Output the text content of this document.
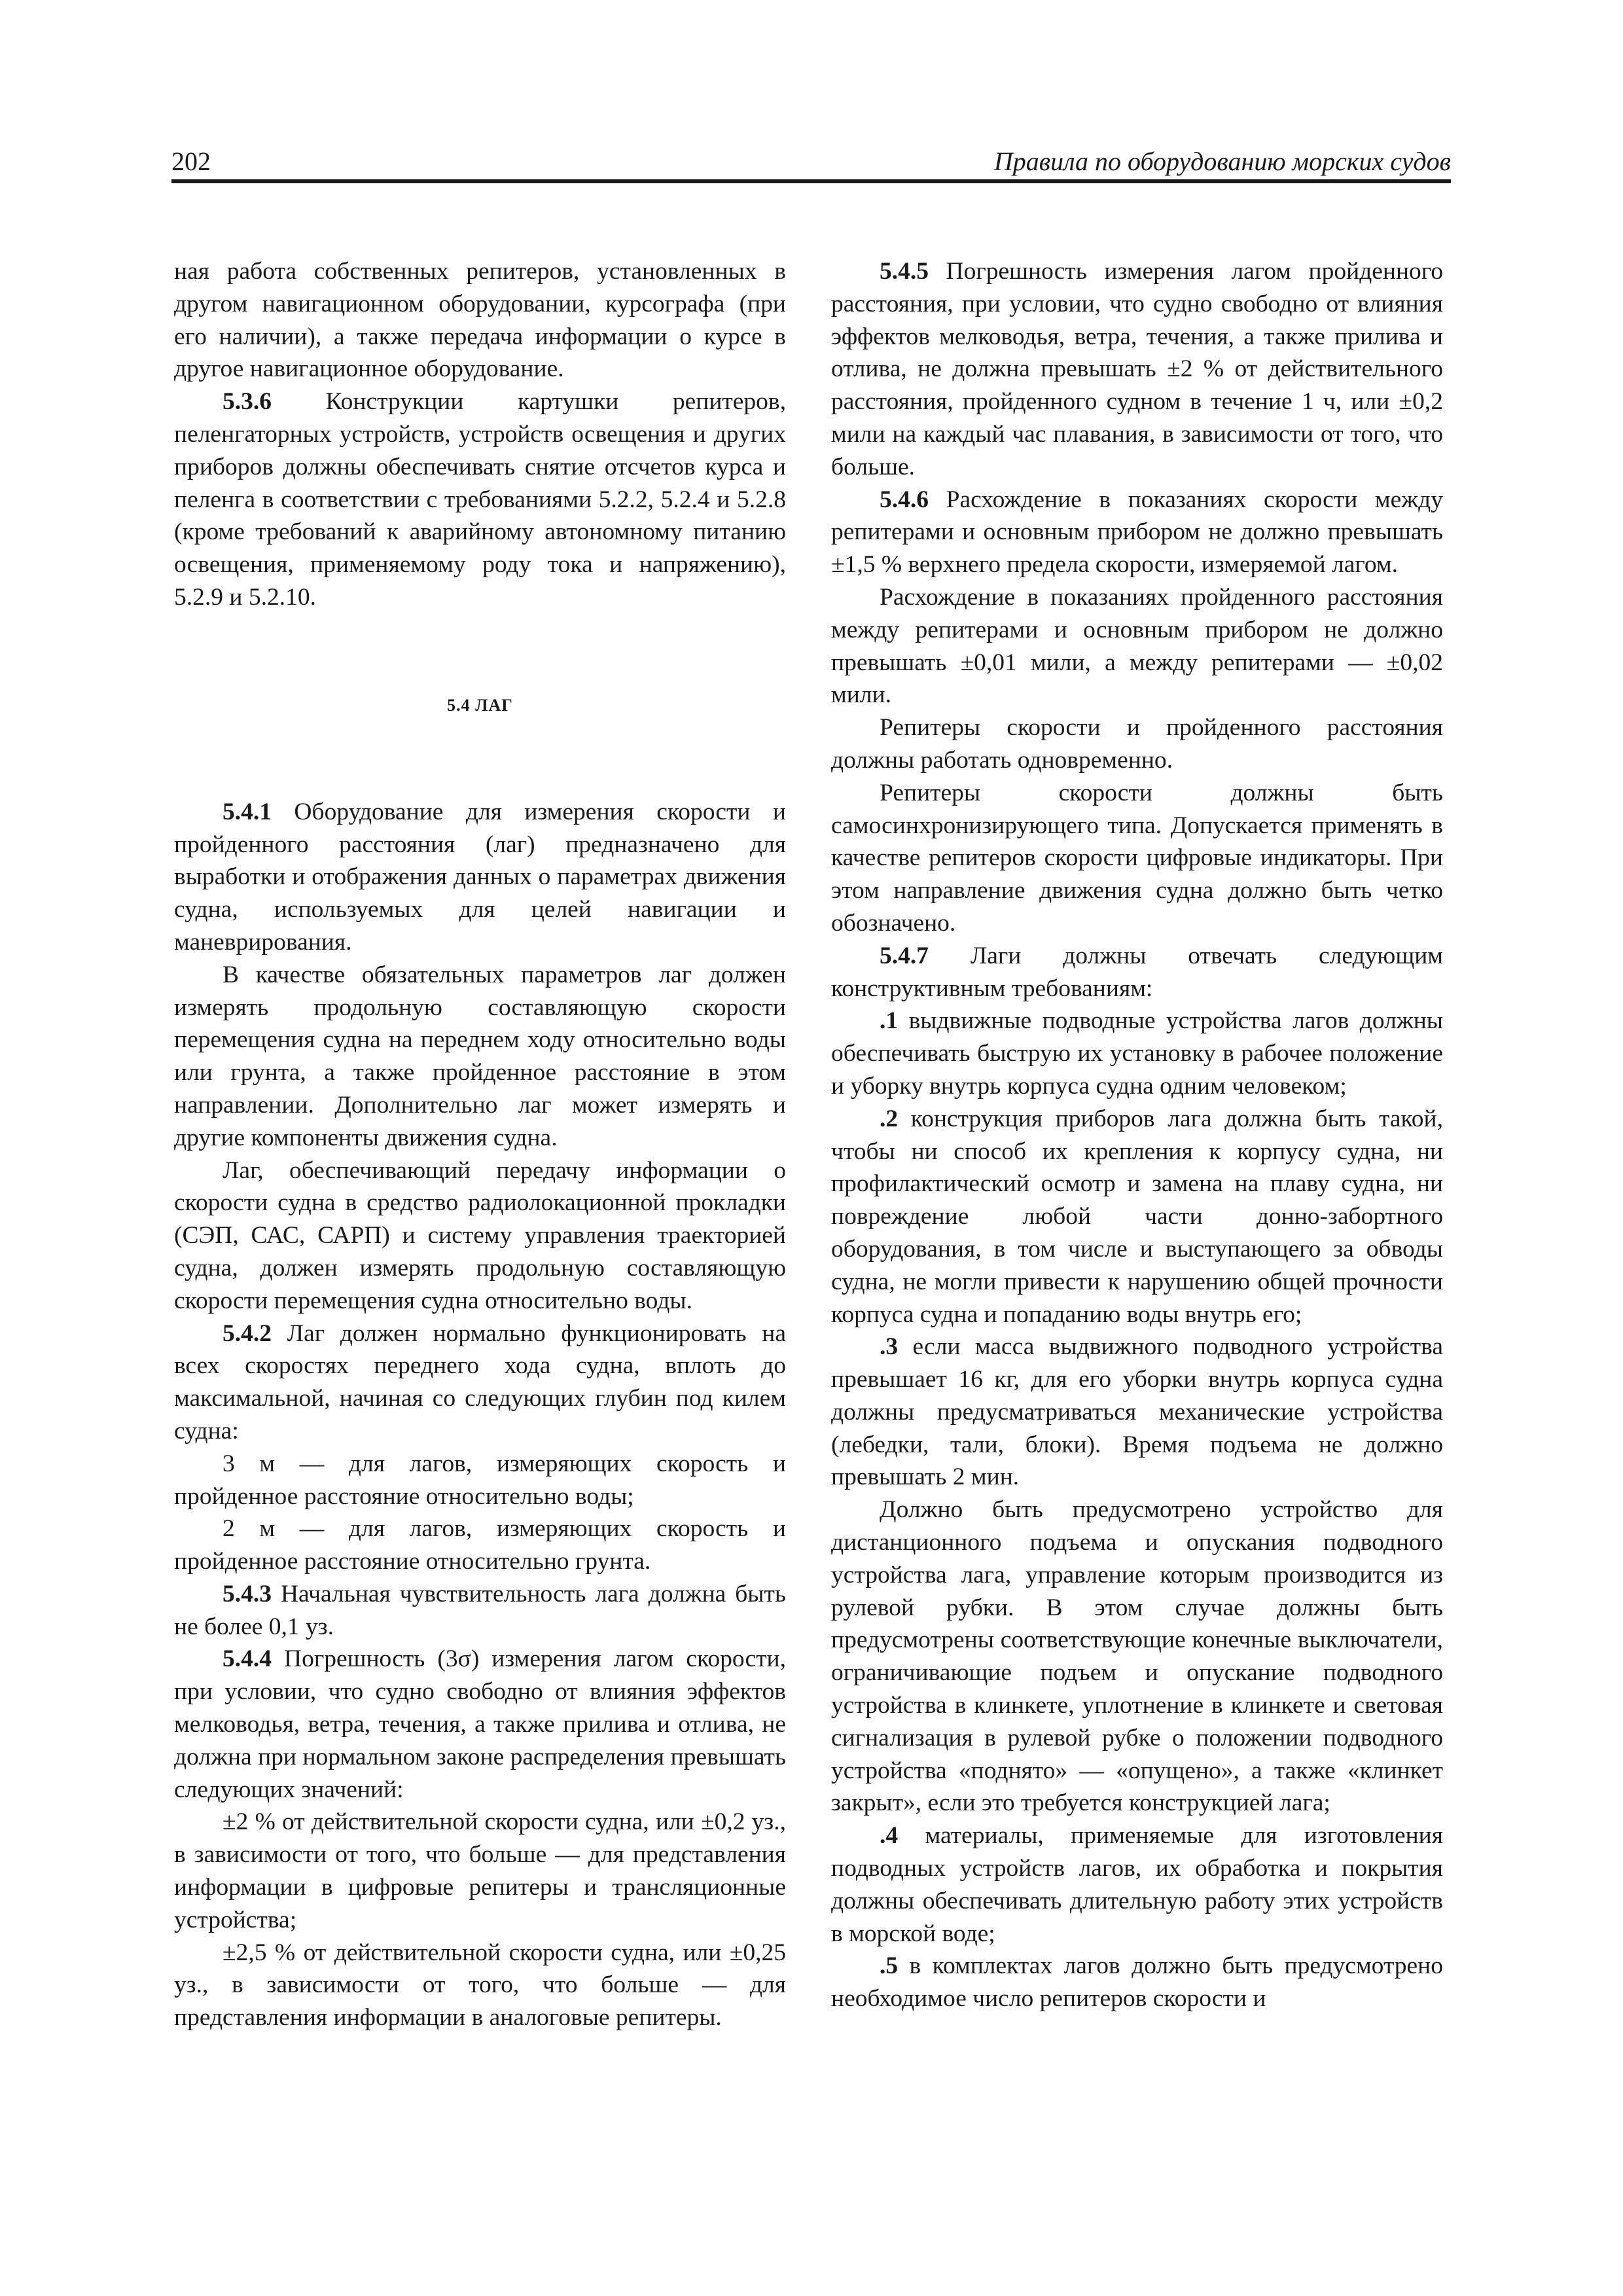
202	Правила по оборудованию морских судов

ная работа собственных репитеров, установленных в другом навигационном оборудовании, курсографа (при его наличии), а также передача информации о курсе в другое навигационное оборудование.

5.3.6 Конструкции картушки репитеров, пеленгаторных устройств, устройств освещения и других приборов должны обеспечивать снятие отсчетов курса и пеленга в соответствии с требованиями 5.2.2, 5.2.4 и 5.2.8 (кроме требований к аварийному автономному питанию освещения, применяемому роду тока и напряжению), 5.2.9 и 5.2.10.

5.4 ЛАГ

5.4.1 Оборудование для измерения скорости и пройденного расстояния (лаг) предназначено для выработки и отображения данных о параметрах движения судна, используемых для целей навигации и маневрирования.

В качестве обязательных параметров лаг должен измерять продольную составляющую скорости перемещения судна на переднем ходу относительно воды или грунта, а также пройденное расстояние в этом направлении. Дополнительно лаг может измерять и другие компоненты движения судна.

Лаг, обеспечивающий передачу информации о скорости судна в средство радиолокационной прокладки (СЭП, САС, САРП) и систему управления траекторией судна, должен измерять продольную составляющую скорости перемещения судна относительно воды.

5.4.2 Лаг должен нормально функционировать на всех скоростях переднего хода судна, вплоть до максимальной, начиная со следующих глубин под килем судна:

3 м — для лагов, измеряющих скорость и пройденное расстояние относительно воды;

2 м — для лагов, измеряющих скорость и пройденное расстояние относительно грунта.

5.4.3 Начальная чувствительность лага должна быть не более 0,1 уз.

5.4.4 Погрешность (3σ) измерения лагом скорости, при условии, что судно свободно от влияния эффектов мелководья, ветра, течения, а также прилива и отлива, не должна при нормальном законе распределения превышать следующих значений:

±2 % от действительной скорости судна, или ±0,2 уз., в зависимости от того, что больше — для представления информации в цифровые репитеры и трансляционные устройства;

±2,5 % от действительной скорости судна, или ±0,25 уз., в зависимости от того, что больше — для представления информации в аналоговые репитеры.

5.4.5 Погрешность измерения лагом пройденного расстояния, при условии, что судно свободно от влияния эффектов мелководья, ветра, течения, а также прилива и отлива, не должна превышать ±2 % от действительного расстояния, пройденного судном в течение 1 ч, или ±0,2 мили на каждый час плавания, в зависимости от того, что больше.

5.4.6 Расхождение в показаниях скорости между репитерами и основным прибором не должно превышать ±1,5 % верхнего предела скорости, измеряемой лагом.

Расхождение в показаниях пройденного расстояния между репитерами и основным прибором не должно превышать ±0,01 мили, а между репитерами — ±0,02 мили.

Репитеры скорости и пройденного расстояния должны работать одновременно.

Репитеры скорости должны быть самосинхронизирующего типа. Допускается применять в качестве репитеров скорости цифровые индикаторы. При этом направление движения судна должно быть четко обозначено.

5.4.7 Лаги должны отвечать следующим конструктивным требованиям:

.1 выдвижные подводные устройства лагов должны обеспечивать быструю их установку в рабочее положение и уборку внутрь корпуса судна одним человеком;

.2 конструкция приборов лага должна быть такой, чтобы ни способ их крепления к корпусу судна, ни профилактический осмотр и замена на плаву судна, ни повреждение любой части донно-забортного оборудования, в том числе и выступающего за обводы судна, не могли привести к нарушению общей прочности корпуса судна и попаданию воды внутрь его;

.3 если масса выдвижного подводного устройства превышает 16 кг, для его уборки внутрь корпуса судна должны предусматриваться механические устройства (лебедки, тали, блоки). Время подъема не должно превышать 2 мин.

Должно быть предусмотрено устройство для дистанционного подъема и опускания подводного устройства лага, управление которым производится из рулевой рубки. В этом случае должны быть предусмотрены соответствующие конечные выключатели, ограничивающие подъем и опускание подводного устройства в клинкете, уплотнение в клинкете и световая сигнализация в рулевой рубке о положении подводного устройства «поднято» — «опущено», а также «клинкет закрыт», если это требуется конструкцией лага;

.4 материалы, применяемые для изготовления подводных устройств лагов, их обработка и покрытия должны обеспечивать длительную работу этих устройств в морской воде;

.5 в комплектах лагов должно быть предусмотрено необходимое число репитеров скорости и
